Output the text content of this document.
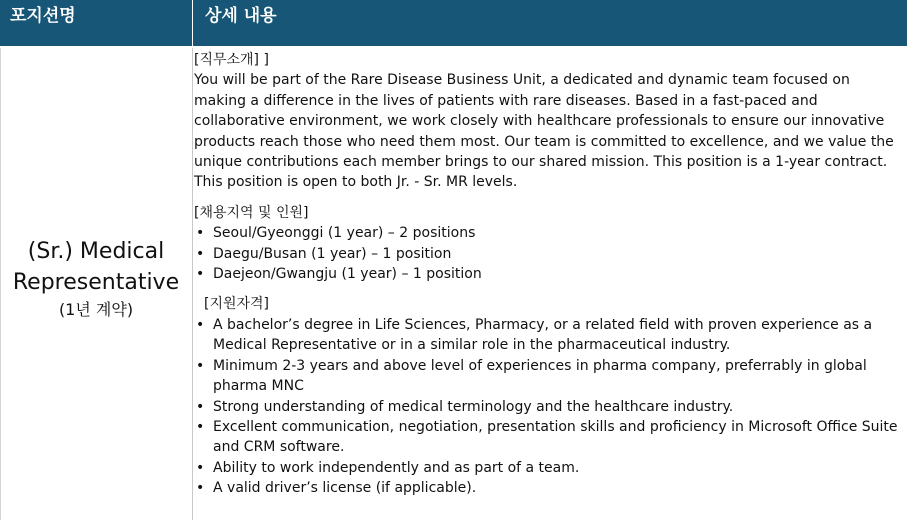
포지션명	상세 내용
(Sr.) Medical Representative
(1년 계약)
[직무소개] ]

You will be part of the Rare Disease Business Unit, a dedicated and dynamic team focused on making a difference in the lives of patients with rare diseases. Based in a fast-paced and collaborative environment, we work closely with healthcare professionals to ensure our innovative products reach those who need them most. Our team is committed to excellence, and we value the unique contributions each member brings to our shared mission. This position is a 1-year contract. This position is open to both Jr. - Sr. MR levels.

[채용지역 및 인원]
• Seoul/Gyeonggi (1 year) – 2 positions
• Daegu/Busan (1 year) – 1 position
• Daejeon/Gwangju (1 year) – 1 position
[지원자격]
• A bachelor’s degree in Life Sciences, Pharmacy, or a related field with proven experience as a Medical Representative or in a similar role in the pharmaceutical industry.
• Minimum 2-3 years and above level of experiences in pharma company, preferrably in global pharma MNC
• Strong understanding of medical terminology and the healthcare industry.
• Excellent communication, negotiation, presentation skills and proficiency in Microsoft Office Suite and CRM software.
• Ability to work independently and as part of a team.
• A valid driver’s license (if applicable).
